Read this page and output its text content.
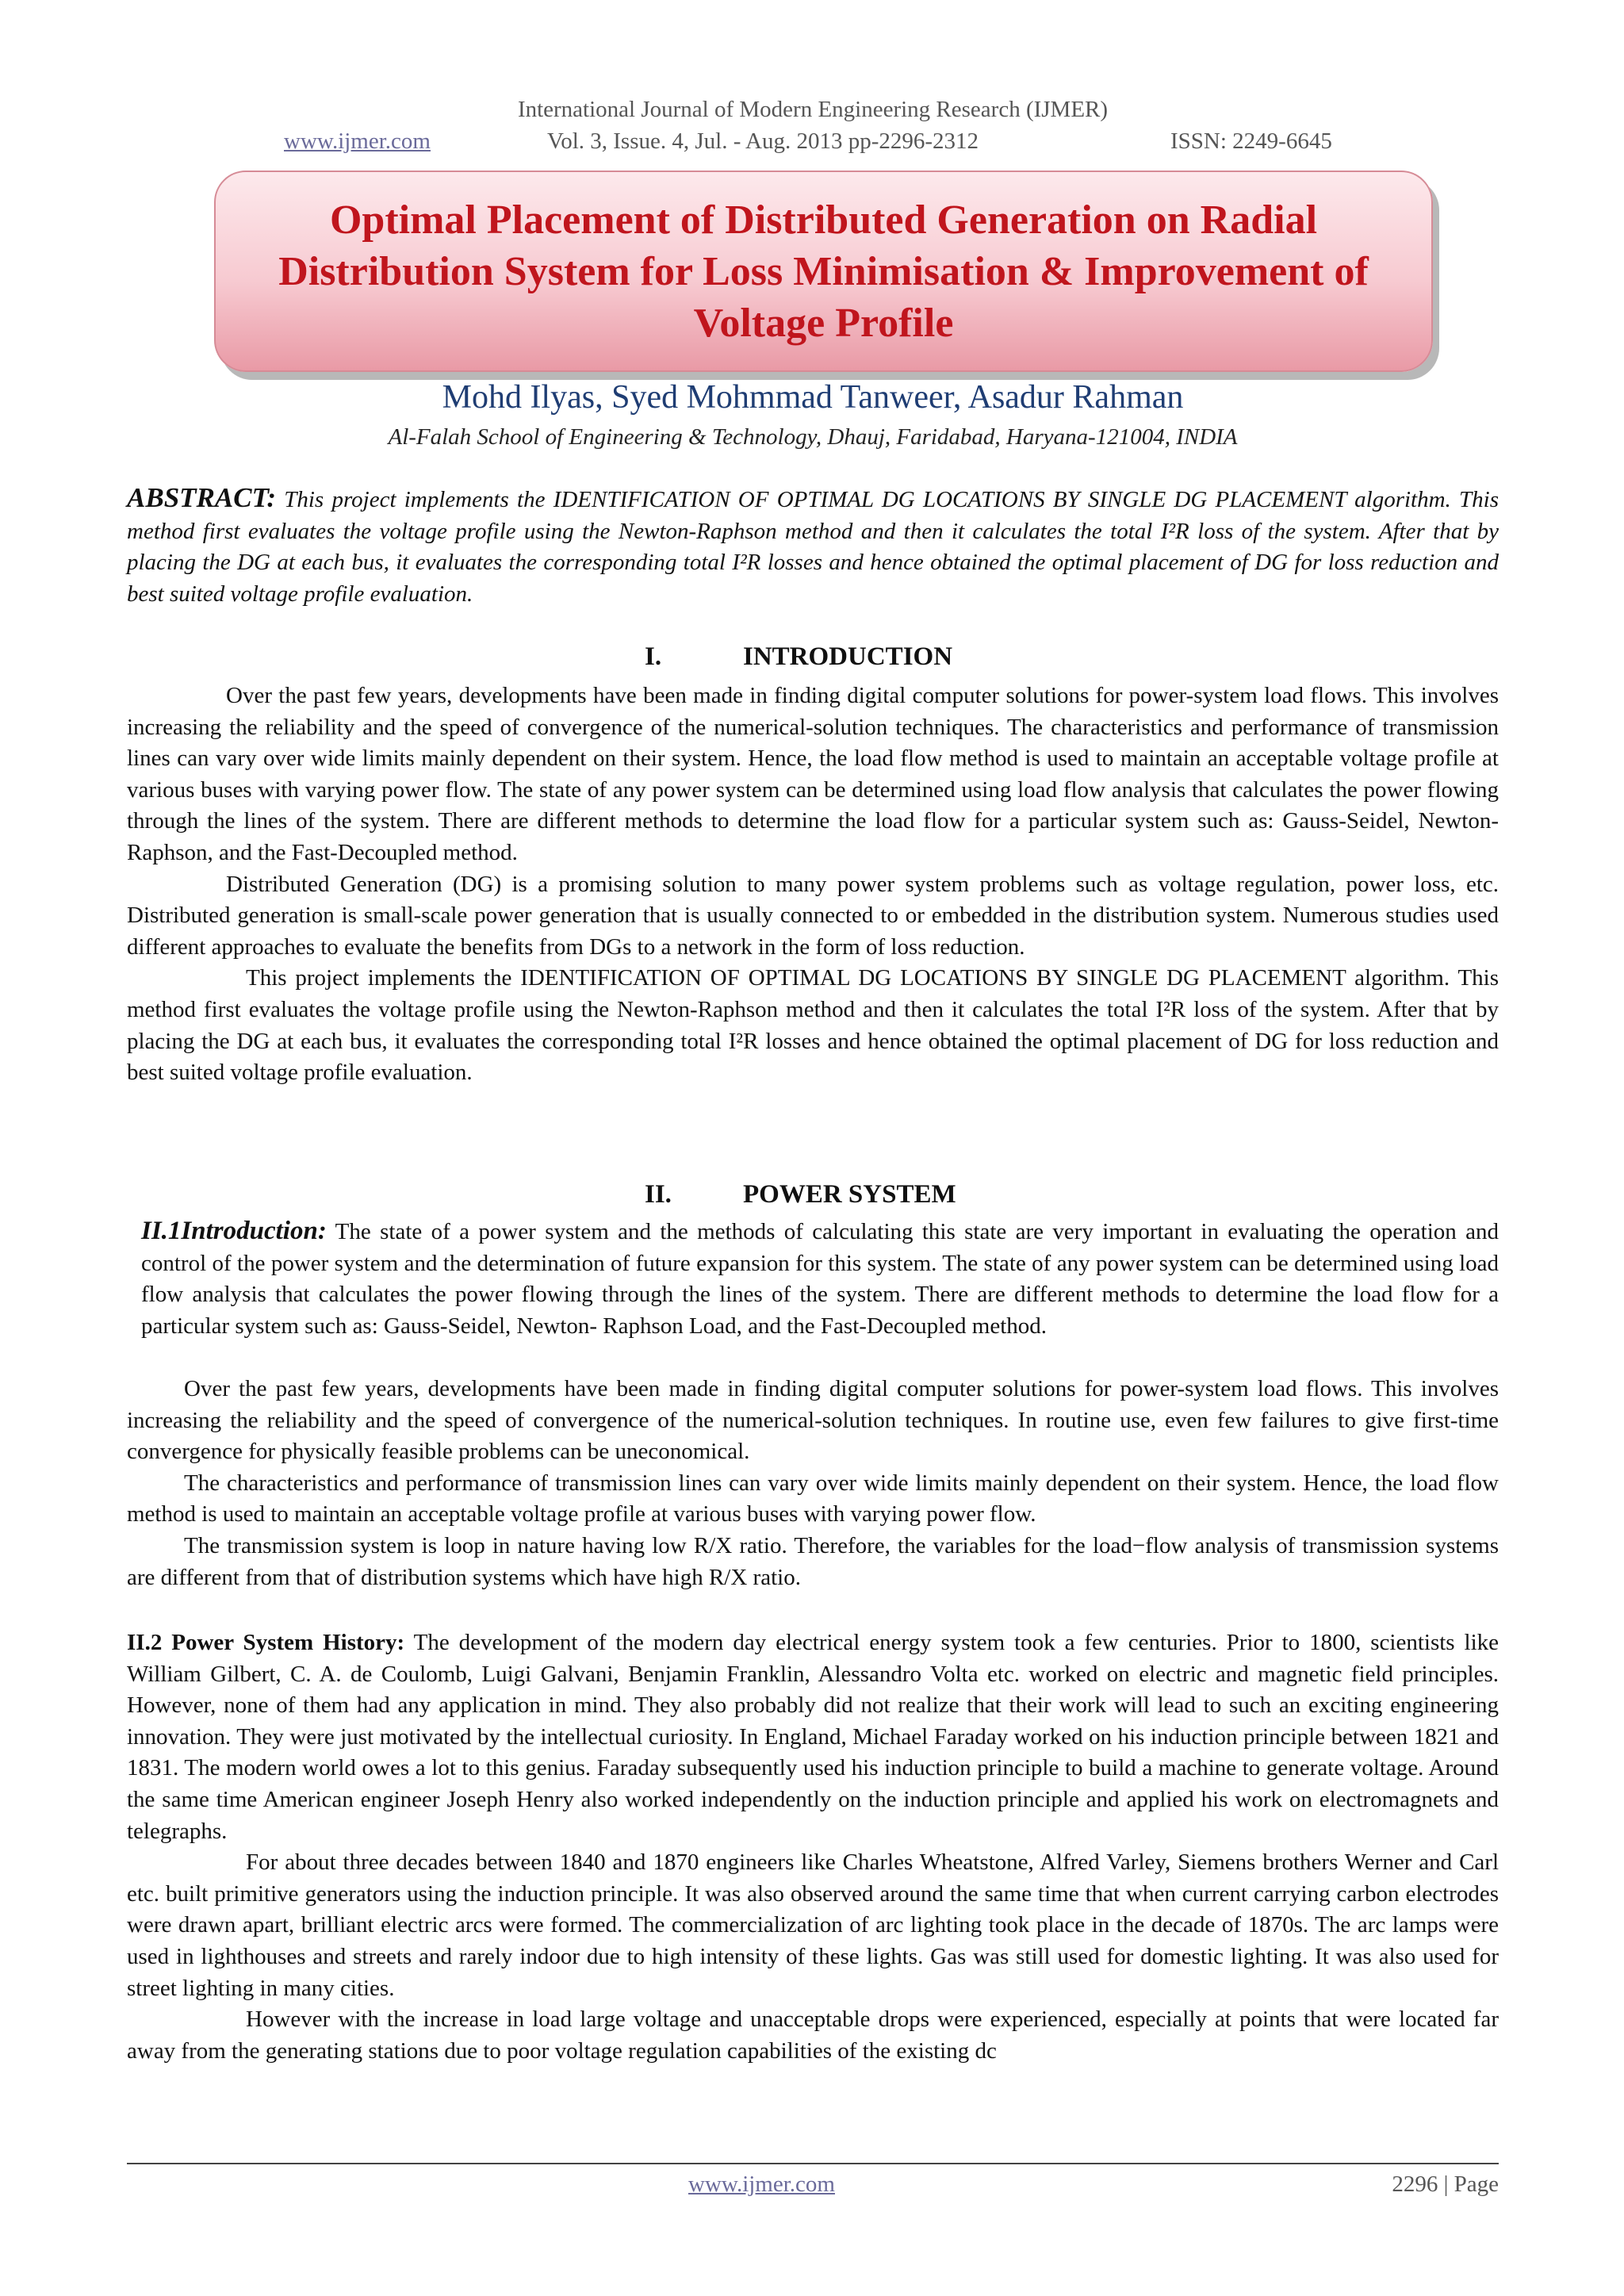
International Journal of Modern Engineering Research (IJMER)
www.ijmer.com	Vol. 3, Issue. 4, Jul. - Aug. 2013 pp-2296-2312	ISSN: 2249-6645
Optimal Placement of Distributed Generation on Radial Distribution System for Loss Minimisation & Improvement of Voltage Profile
Mohd Ilyas, Syed Mohmmad Tanweer, Asadur Rahman
Al-Falah School of Engineering & Technology, Dhauj, Faridabad, Haryana-121004, INDIA
ABSTRACT: This project implements the IDENTIFICATION OF OPTIMAL DG LOCATIONS BY SINGLE DG PLACEMENT algorithm. This method first evaluates the voltage profile using the Newton-Raphson method and then it calculates the total I²R loss of the system. After that by placing the DG at each bus, it evaluates the corresponding total I²R losses and hence obtained the optimal placement of DG for loss reduction and best suited voltage profile evaluation.
I.	INTRODUCTION

Over the past few years, developments have been made in finding digital computer solutions for power-system load flows. This involves increasing the reliability and the speed of convergence of the numerical-solution techniques. The characteristics and performance of transmission lines can vary over wide limits mainly dependent on their system. Hence, the load flow method is used to maintain an acceptable voltage profile at various buses with varying power flow. The state of any power system can be determined using load flow analysis that calculates the power flowing through the lines of the system. There are different methods to determine the load flow for a particular system such as: Gauss-Seidel, Newton-Raphson, and the Fast-Decoupled method.

Distributed Generation (DG) is a promising solution to many power system problems such as voltage regulation, power loss, etc. Distributed generation is small-scale power generation that is usually connected to or embedded in the distribution system. Numerous studies used different approaches to evaluate the benefits from DGs to a network in the form of loss reduction.

This project implements the IDENTIFICATION OF OPTIMAL DG LOCATIONS BY SINGLE DG PLACEMENT algorithm. This method first evaluates the voltage profile using the Newton-Raphson method and then it calculates the total I²R loss of the system. After that by placing the DG at each bus, it evaluates the corresponding total I²R losses and hence obtained the optimal placement of DG for loss reduction and best suited voltage profile evaluation.

II.	POWER SYSTEM
II.1Introduction: The state of a power system and the methods of calculating this state are very important in evaluating the operation and control of the power system and the determination of future expansion for this system. The state of any power system can be determined using load flow analysis that calculates the power flowing through the lines of the system. There are different methods to determine the load flow for a particular system such as: Gauss-Seidel, Newton- Raphson Load, and the Fast-Decoupled method.

Over the past few years, developments have been made in finding digital computer solutions for power-system load flows. This involves increasing the reliability and the speed of convergence of the numerical-solution techniques. In routine use, even few failures to give first-time convergence for physically feasible problems can be uneconomical.

The characteristics and performance of transmission lines can vary over wide limits mainly dependent on their system. Hence, the load flow method is used to maintain an acceptable voltage profile at various buses with varying power flow.

The transmission system is loop in nature having low R/X ratio. Therefore, the variables for the load−flow analysis of transmission systems are different from that of distribution systems which have high R/X ratio.

II.2 Power System History: The development of the modern day electrical energy system took a few centuries. Prior to 1800, scientists like William Gilbert, C. A. de Coulomb, Luigi Galvani, Benjamin Franklin, Alessandro Volta etc. worked on electric and magnetic field principles. However, none of them had any application in mind. They also probably did not realize that their work will lead to such an exciting engineering innovation. They were just motivated by the intellectual curiosity. In England, Michael Faraday worked on his induction principle between 1821 and 1831. The modern world owes a lot to this genius. Faraday subsequently used his induction principle to build a machine to generate voltage. Around the same time American engineer Joseph Henry also worked independently on the induction principle and applied his work on electromagnets and telegraphs.

For about three decades between 1840 and 1870 engineers like Charles Wheatstone, Alfred Varley, Siemens brothers Werner and Carl etc. built primitive generators using the induction principle. It was also observed around the same time that when current carrying carbon electrodes were drawn apart, brilliant electric arcs were formed. The commercialization of arc lighting took place in the decade of 1870s. The arc lamps were used in lighthouses and streets and rarely indoor due to high intensity of these lights. Gas was still used for domestic lighting. It was also used for street lighting in many cities.

However with the increase in load large voltage and unacceptable drops were experienced, especially at points that were located far away from the generating stations due to poor voltage regulation capabilities of the existing dc

www.ijmer.com	2296 | Page
